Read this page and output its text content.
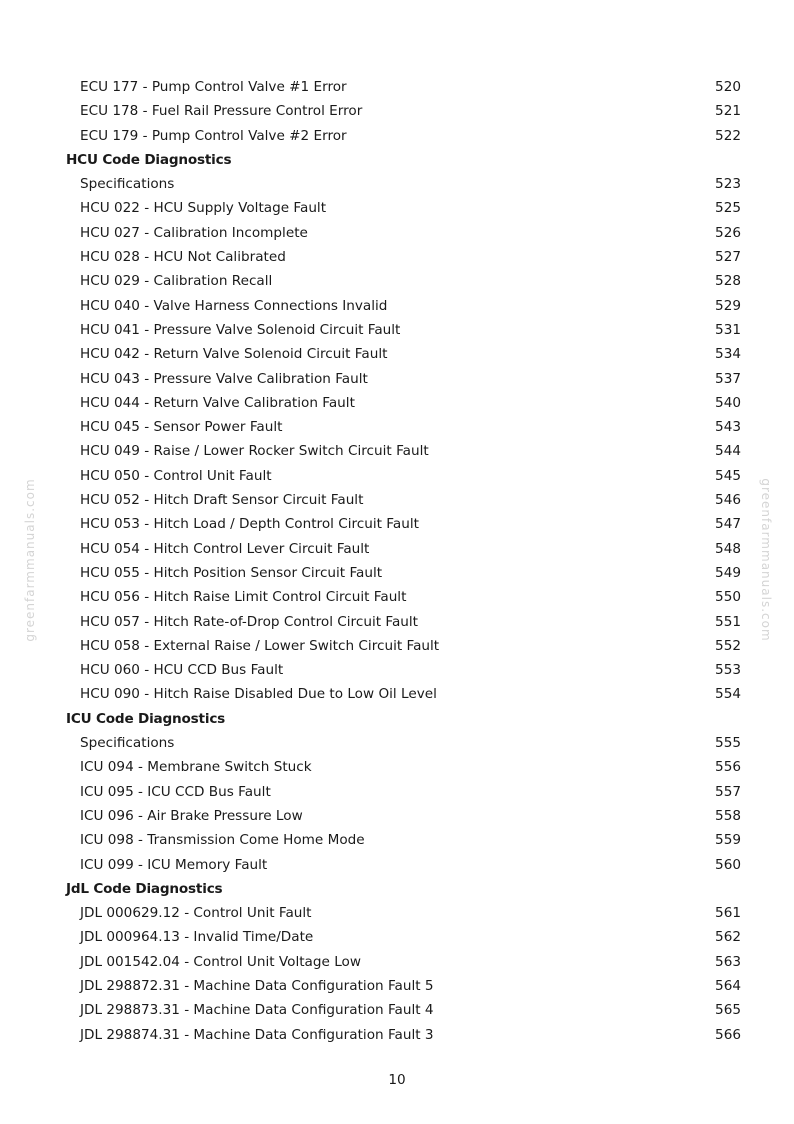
greenfarmmanuals.com	greenfarmmanuals.com
ECU 177 - Pump Control Valve #1 Error	520
ECU 178 - Fuel Rail Pressure Control Error	521
ECU 179 - Pump Control Valve #2 Error	522
HCU Code Diagnostics
Specifications	523
HCU 022 - HCU Supply Voltage Fault	525
HCU 027 - Calibration Incomplete	526
HCU 028 - HCU Not Calibrated	527
HCU 029 - Calibration Recall	528
HCU 040 - Valve Harness Connections Invalid	529
HCU 041 - Pressure Valve Solenoid Circuit Fault	531
HCU 042 - Return Valve Solenoid Circuit Fault	534
HCU 043 - Pressure Valve Calibration Fault	537
HCU 044 - Return Valve Calibration Fault	540
HCU 045 - Sensor Power Fault	543
HCU 049 - Raise / Lower Rocker Switch Circuit Fault	544
HCU 050 - Control Unit Fault	545
HCU 052 - Hitch Draft Sensor Circuit Fault	546
HCU 053 - Hitch Load / Depth Control Circuit Fault	547
HCU 054 - Hitch Control Lever Circuit Fault	548
HCU 055 - Hitch Position Sensor Circuit Fault	549
HCU 056 - Hitch Raise Limit Control Circuit Fault	550
HCU 057 - Hitch Rate-of-Drop Control Circuit Fault	551
HCU 058 - External Raise / Lower Switch Circuit Fault	552
HCU 060 - HCU CCD Bus Fault	553
HCU 090 - Hitch Raise Disabled Due to Low Oil Level	554
ICU Code Diagnostics
Specifications	555
ICU 094 - Membrane Switch Stuck	556
ICU 095 - ICU CCD Bus Fault	557
ICU 096 - Air Brake Pressure Low	558
ICU 098 - Transmission Come Home Mode	559
ICU 099 - ICU Memory Fault	560
JdL Code Diagnostics
JDL 000629.12 - Control Unit Fault	561
JDL 000964.13 - Invalid Time/Date	562
JDL 001542.04 - Control Unit Voltage Low	563
JDL 298872.31 - Machine Data Configuration Fault 5	564
JDL 298873.31 - Machine Data Configuration Fault 4	565
JDL 298874.31 - Machine Data Configuration Fault 3	566
10
